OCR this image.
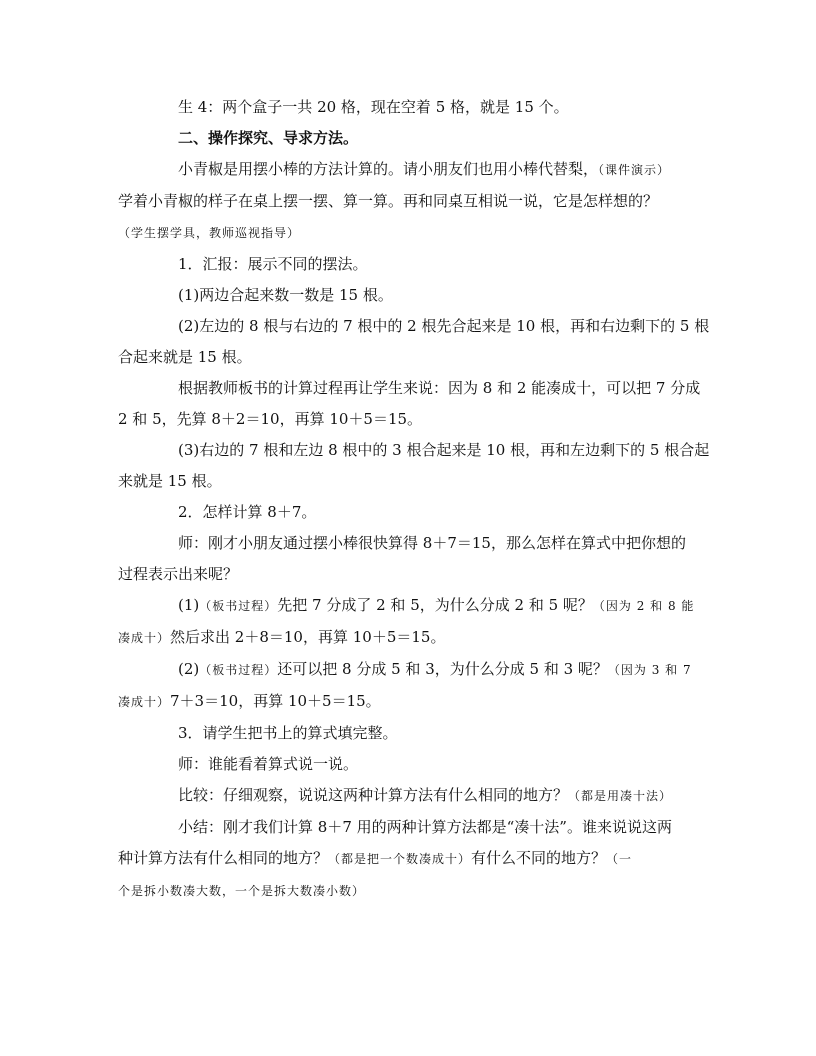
生 4：两个盒子一共 20 格，现在空着 5 格，就是 15 个。
二、操作探究、导求方法。
小青椒是用摆小棒的方法计算的。请小朋友们也用小棒代替梨，（课件演示）
学着小青椒的样子在桌上摆一摆、算一算。再和同桌互相说一说，它是怎样想的？
（学生摆学具，教师巡视指导）
1．汇报：展示不同的摆法。
(1)两边合起来数一数是 15 根。
(2)左边的 8 根与右边的 7 根中的 2 根先合起来是 10 根，再和右边剩下的 5 根
合起来就是 15 根。
根据教师板书的计算过程再让学生来说：因为 8 和 2 能凑成十，可以把 7 分成
2 和 5，先算 8＋2＝10，再算 10＋5＝15。
(3)右边的 7 根和左边 8 根中的 3 根合起来是 10 根，再和左边剩下的 5 根合起
来就是 15 根。
2．怎样计算 8＋7。
师：刚才小朋友通过摆小棒很快算得 8＋7＝15，那么怎样在算式中把你想的
过程表示出来呢？
(1)（板书过程）先把 7 分成了 2 和 5，为什么分成 2 和 5 呢？（因为 2 和 8 能
凑成十）然后求出 2＋8＝10，再算 10＋5＝15。
(2)（板书过程）还可以把 8 分成 5 和 3，为什么分成 5 和 3 呢？（因为 3 和 7
凑成十）7＋3＝10，再算 10＋5＝15。
3．请学生把书上的算式填完整。
师：谁能看着算式说一说。
比较：仔细观察，说说这两种计算方法有什么相同的地方？（都是用凑十法）
小结：刚才我们计算 8＋7 用的两种计算方法都是“凑十法”。谁来说说这两
种计算方法有什么相同的地方？（都是把一个数凑成十）有什么不同的地方？（一
个是拆小数凑大数，一个是拆大数凑小数）
